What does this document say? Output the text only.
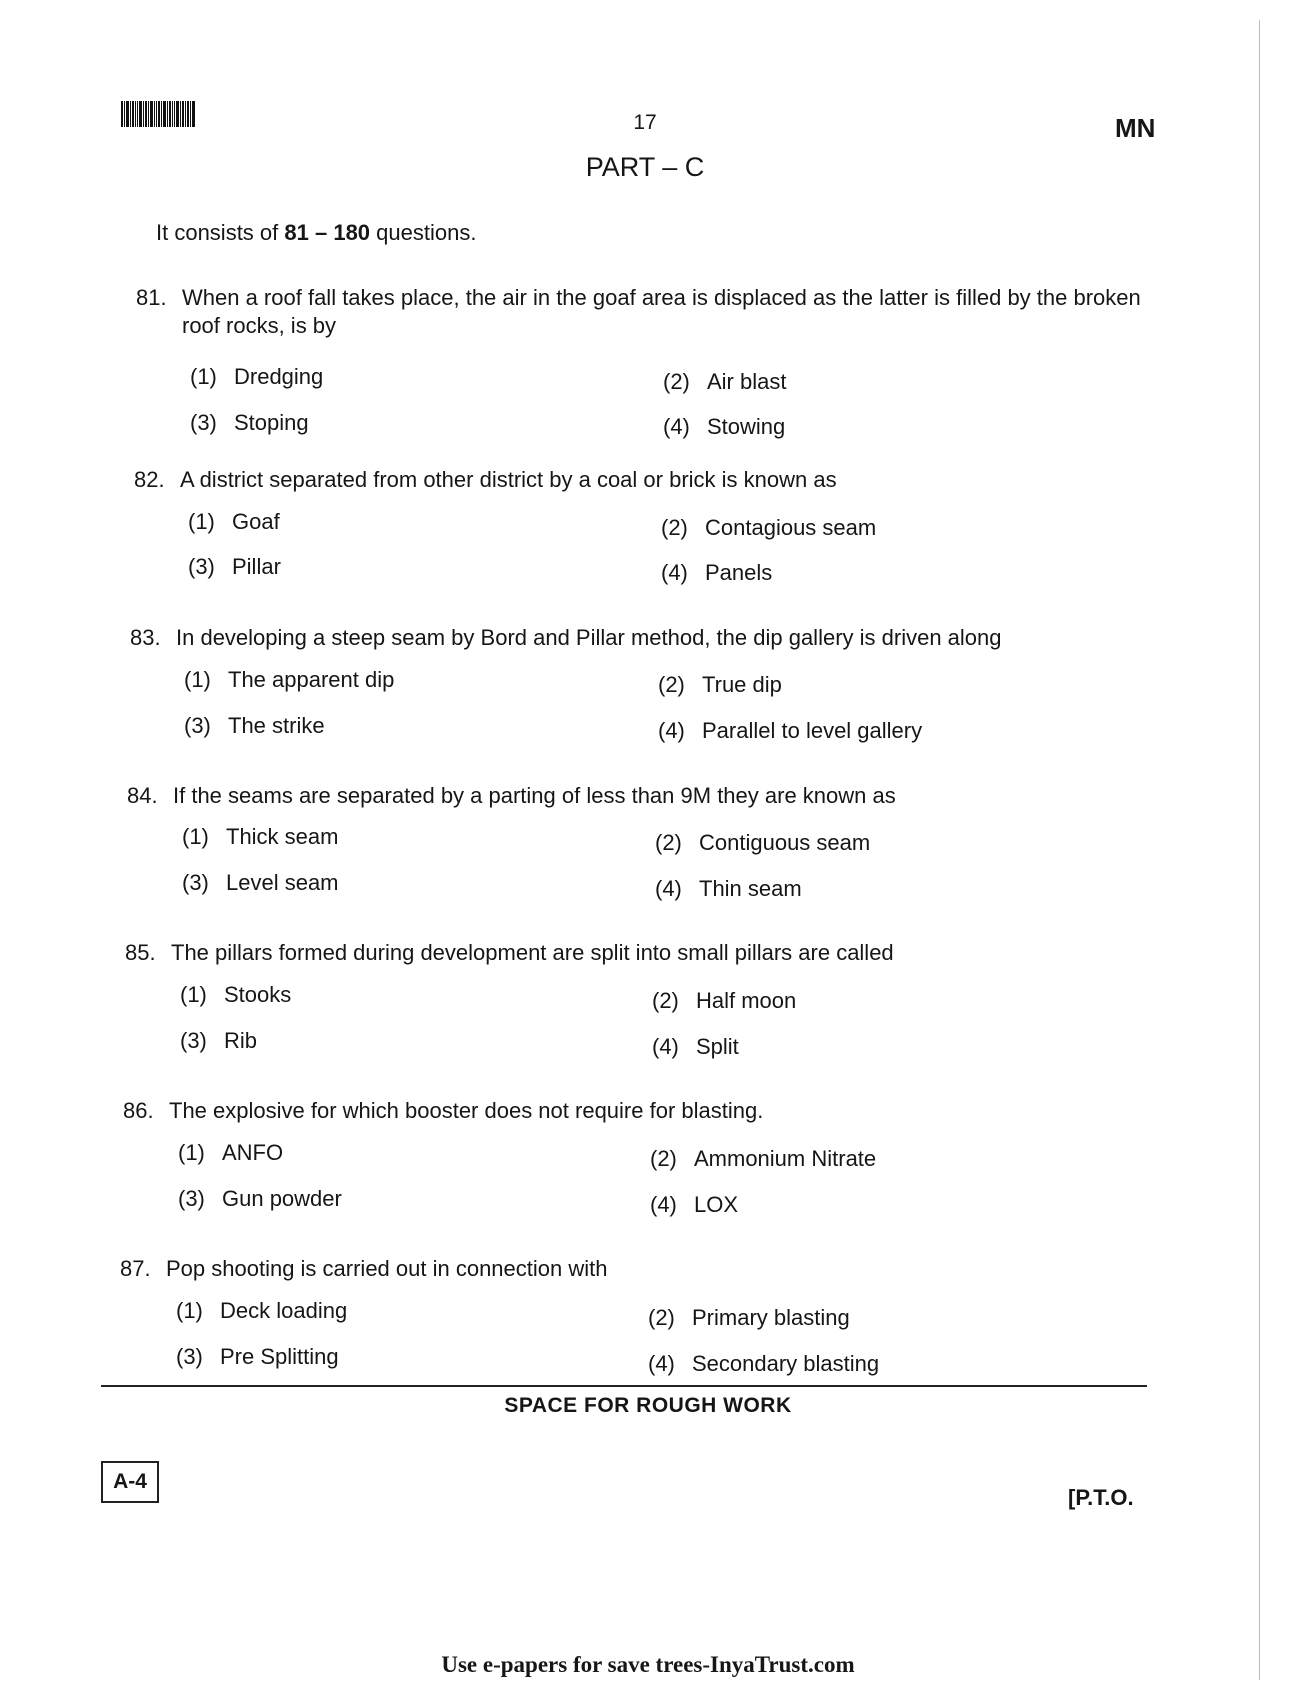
17	MN
PART – C
It consists of 81 – 180 questions.
81. When a roof fall takes place, the air in the goaf area is displaced as the latter is filled by the broken roof rocks, is by
(1) Dredging	(2) Air blast
(3) Stoping	(4) Stowing
82. A district separated from other district by a coal or brick is known as
(1) Goaf	(2) Contagious seam
(3) Pillar	(4) Panels
83. In developing a steep seam by Bord and Pillar method, the dip gallery is driven along
(1) The apparent dip	(2) True dip
(3) The strike	(4) Parallel to level gallery
84. If the seams are separated by a parting of less than 9M they are known as
(1) Thick seam	(2) Contiguous seam
(3) Level seam	(4) Thin seam
85. The pillars formed during development are split into small pillars are called
(1) Stooks	(2) Half moon
(3) Rib	(4) Split
86. The explosive for which booster does not require for blasting.
(1) ANFO	(2) Ammonium Nitrate
(3) Gun powder	(4) LOX
87. Pop shooting is carried out in connection with
(1) Deck loading	(2) Primary blasting
(3) Pre Splitting	(4) Secondary blasting
SPACE FOR ROUGH WORK
A-4
[P.T.O.
Use e-papers for save trees-InyaTrust.com
